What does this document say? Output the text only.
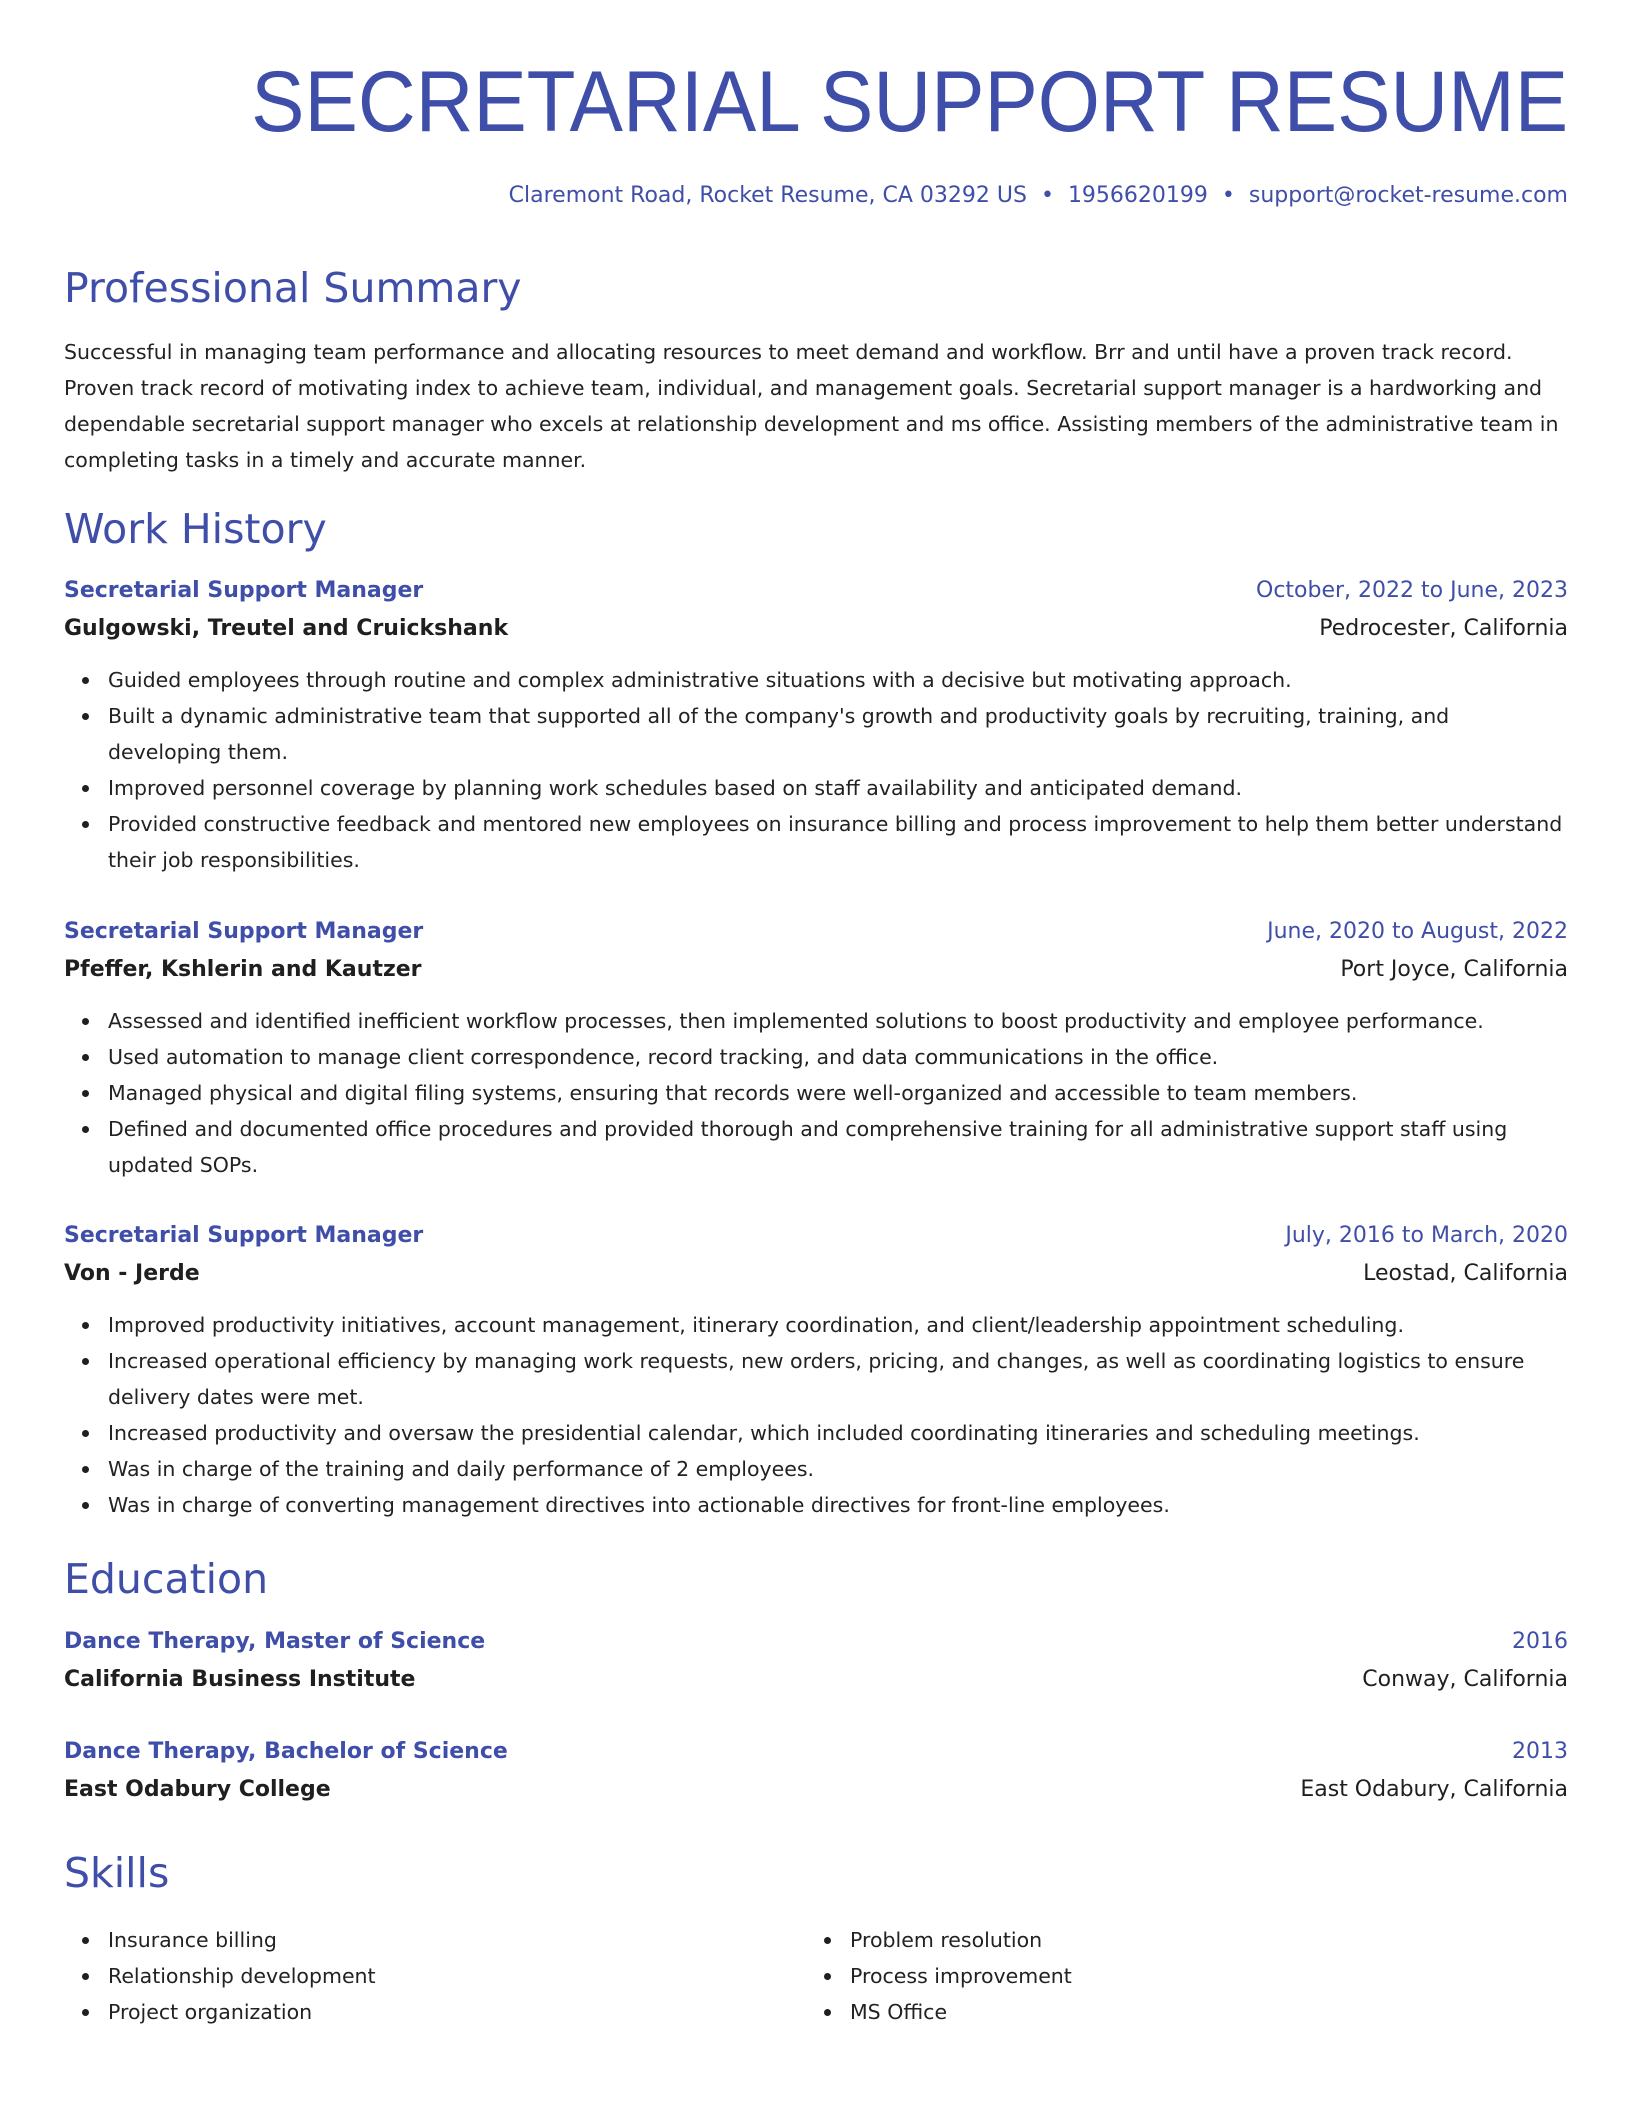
SECRETARIAL SUPPORT RESUME
Claremont Road, Rocket Resume, CA 03292 US • 1956620199 • support@rocket-resume.com
Professional Summary

Successful in managing team performance and allocating resources to meet demand and workflow. Brr and until have a proven track record. Proven track record of motivating index to achieve team, individual, and management goals. Secretarial support manager is a hardworking and dependable secretarial support manager who excels at relationship development and ms office. Assisting members of the administrative team in completing tasks in a timely and accurate manner.

Work History
Secretarial Support Manager	October, 2022 to June, 2023
Gulgowski, Treutel and Cruickshank	Pedrocester, California
Guided employees through routine and complex administrative situations with a decisive but motivating approach.
Built a dynamic administrative team that supported all of the company's growth and productivity goals by recruiting, training, and developing them.
Improved personnel coverage by planning work schedules based on staff availability and anticipated demand.
Provided constructive feedback and mentored new employees on insurance billing and process improvement to help them better understand their job responsibilities.
Secretarial Support Manager	June, 2020 to August, 2022
Pfeffer, Kshlerin and Kautzer	Port Joyce, California
Assessed and identified inefficient workflow processes, then implemented solutions to boost productivity and employee performance.
Used automation to manage client correspondence, record tracking, and data communications in the office.
Managed physical and digital filing systems, ensuring that records were well-organized and accessible to team members.
Defined and documented office procedures and provided thorough and comprehensive training for all administrative support staff using updated SOPs.
Secretarial Support Manager	July, 2016 to March, 2020
Von - Jerde	Leostad, California
Improved productivity initiatives, account management, itinerary coordination, and client/leadership appointment scheduling.
Increased operational efficiency by managing work requests, new orders, pricing, and changes, as well as coordinating logistics to ensure delivery dates were met.
Increased productivity and oversaw the presidential calendar, which included coordinating itineraries and scheduling meetings.
Was in charge of the training and daily performance of 2 employees.
Was in charge of converting management directives into actionable directives for front-line employees.
Education
Dance Therapy, Master of Science	2016
California Business Institute	Conway, California
Dance Therapy, Bachelor of Science	2013
East Odabury College	East Odabury, California
Skills
Insurance billing
Relationship development
Project organization
Problem resolution
Process improvement
MS Office
